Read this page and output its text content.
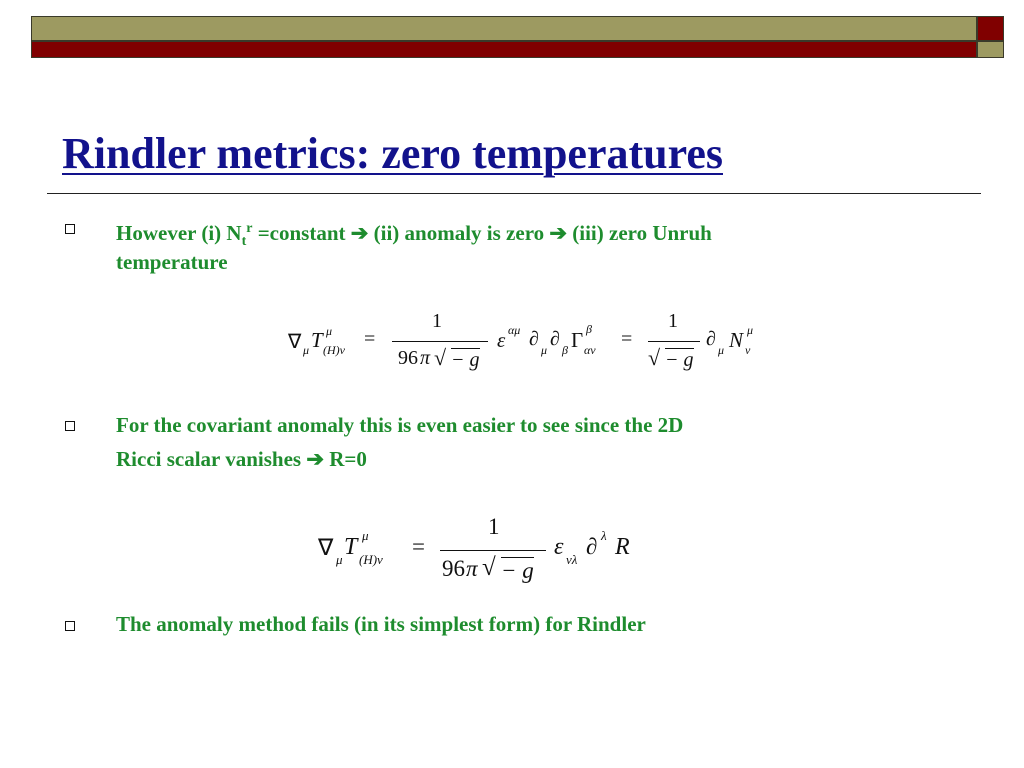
Rindler metrics: zero temperatures
However (i) $N_t^r$ =constant ➔ (ii) anomaly is zero ➔ (iii) zero Unruh
temperature
∇ μ T μ
(H)ν =
1
96 π √ − g
ε αμ ∂ μ ∂ β Γ β
αν =
1
√ − g
∂ μ N μ
ν
For the covariant anomaly this is even easier to see since the 2D
Ricci scalar vanishes ➔ R=0
∇ μ T μ
(H)ν
=
1
96 π √ − g
ε νλ
∂ λ R
The anomaly method fails (in its simplest form) for Rindler
